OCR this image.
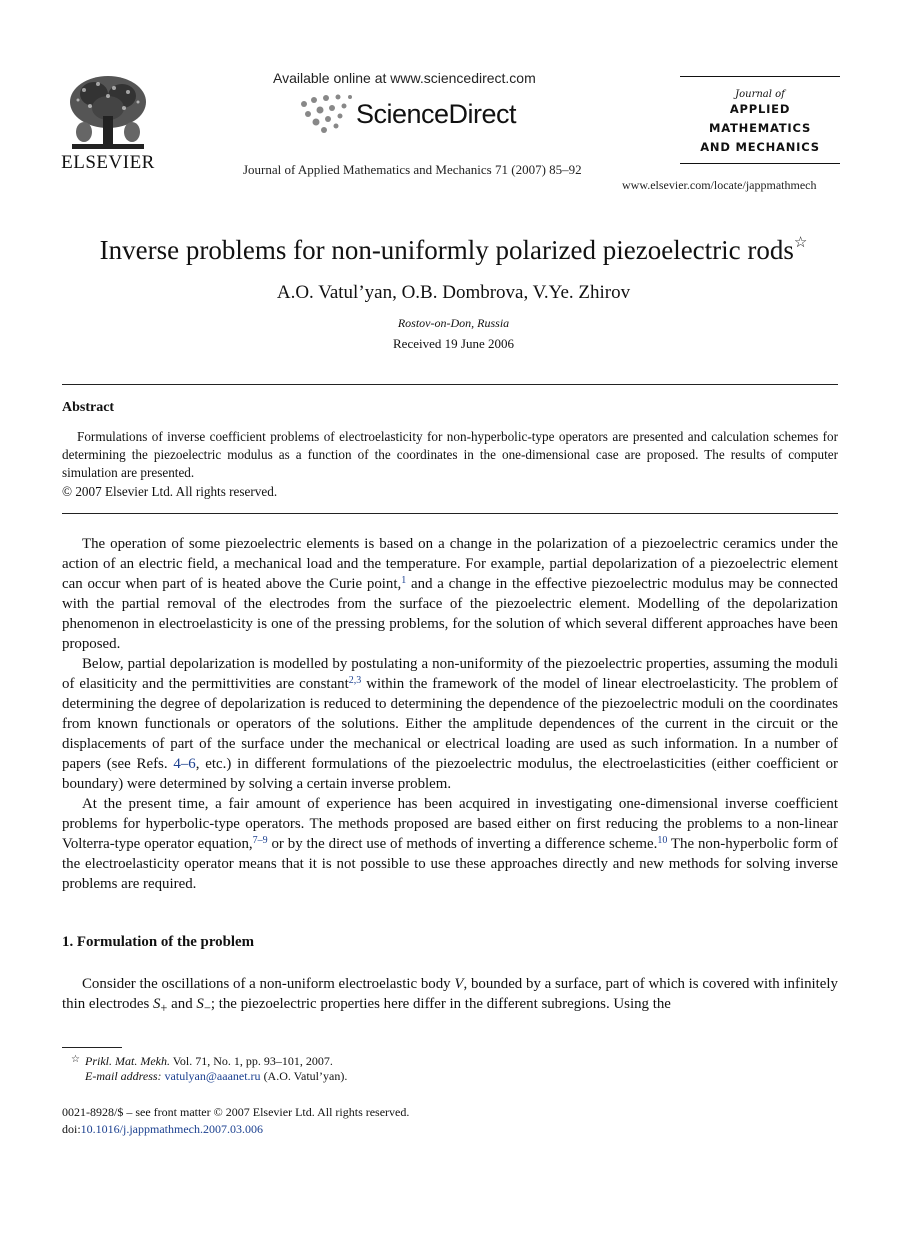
ELSEVIER
Available online at www.sciencedirect.com
ScienceDirect
Journal of Applied Mathematics and Mechanics 71 (2007) 85–92
Journal of
APPLIED
MATHEMATICS
AND MECHANICS
www.elsevier.com/locate/jappmathmech
Inverse problems for non-uniformly polarized piezoelectric rods☆
A.O. Vatul’yan, O.B. Dombrova, V.Ye. Zhirov
Rostov-on-Don, Russia
Received 19 June 2006
Abstract

Formulations of inverse coefficient problems of electroelasticity for non-hyperbolic-type operators are presented and calculation schemes for determining the piezoelectric modulus as a function of the coordinates in the one-dimensional case are proposed. The results of computer simulation are presented.

© 2007 Elsevier Ltd. All rights reserved.

The operation of some piezoelectric elements is based on a change in the polarization of a piezoelectric ceramics under the action of an electric field, a mechanical load and the temperature. For example, partial depolarization of a piezoelectric element can occur when part of is heated above the Curie point,$^1$ and a change in the effective piezoelectric modulus may be connected with the partial removal of the electrodes from the surface of the piezoelectric element. Modelling of the depolarization phenomenon in electroelasticity is one of the pressing problems, for the solution of which several different approaches have been proposed.

Below, partial depolarization is modelled by postulating a non-uniformity of the piezoelectric properties, assuming the moduli of elasiticity and the permittivities are constant$^{2,3}$ within the framework of the model of linear electroelasticity. The problem of determining the degree of depolarization is reduced to determining the dependence of the piezoelectric moduli on the coordinates from known functionals or operators of the solutions. Either the amplitude dependences of the current in the circuit or the displacements of part of the surface under the mechanical or electrical loading are used as such information. In a number of papers (see Refs. 4–6, etc.) in different formulations of the piezoelectric modulus, the electroelasticities (either coefficient or boundary) were determined by solving a certain inverse problem.

At the present time, a fair amount of experience has been acquired in investigating one-dimensional inverse coefficient problems for hyperbolic-type operators. The methods proposed are based either on first reducing the problems to a non-linear Volterra-type operator equation,$^{7-9}$ or by the direct use of methods of inverting a difference scheme.$^{10}$ The non-hyperbolic form of the electroelasticity operator means that it is not possible to use these approaches directly and new methods for solving inverse problems are required.

1. Formulation of the problem

Consider the oscillations of a non-uniform electroelastic body V, bounded by a surface, part of which is covered with infinitely thin electrodes $S_+$ and $S_-$; the piezoelectric properties here differ in the different subregions. Using the

☆ Prikl. Mat. Mekh. Vol. 71, No. 1, pp. 93–101, 2007.
E-mail address: vatulyan@aaanet.ru (A.O. Vatul’yan).
0021-8928/$ – see front matter © 2007 Elsevier Ltd. All rights reserved.
doi:10.1016/j.jappmathmech.2007.03.006
